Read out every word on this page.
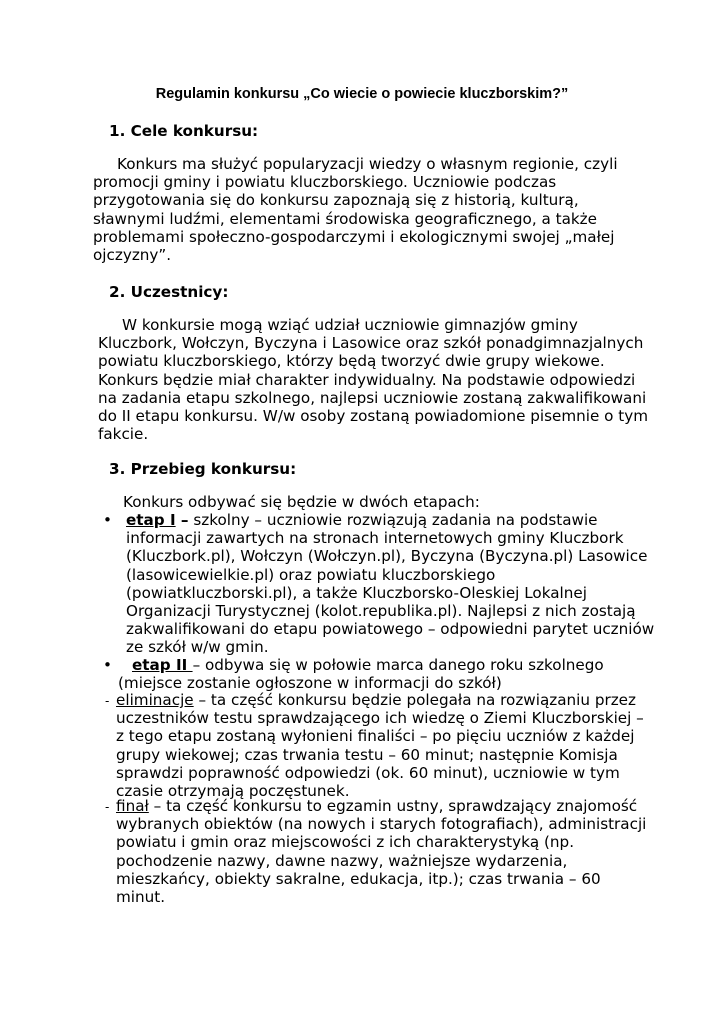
Regulamin konkursu „Co wiecie o powiecie kluczborskim?”
1. Cele konkursu:
Konkurs ma służyć popularyzacji wiedzy o własnym regionie, czyli
promocji gminy i powiatu kluczborskiego. Uczniowie podczas
przygotowania się do konkursu zapoznają się z historią, kulturą,
sławnymi ludźmi, elementami środowiska geograficznego, a także
problemami społeczno-gospodarczymi i ekologicznymi swojej „małej
ojczyzny”.
2. Uczestnicy:
W konkursie mogą wziąć udział uczniowie gimnazjów gminy
Kluczbork, Wołczyn, Byczyna i Lasowice oraz szkół ponadgimnazjalnych
powiatu kluczborskiego, którzy będą tworzyć dwie grupy wiekowe.
Konkurs będzie miał charakter indywidualny. Na podstawie odpowiedzi
na zadania etapu szkolnego, najlepsi uczniowie zostaną zakwalifikowani
do II etapu konkursu. W/w osoby zostaną powiadomione pisemnie o tym
fakcie.
3. Przebieg konkursu:
Konkurs odbywać się będzie w dwóch etapach:
• etap I – szkolny – uczniowie rozwiązują zadania na podstawie
informacji zawartych na stronach internetowych gminy Kluczbork
(Kluczbork.pl), Wołczyn (Wołczyn.pl), Byczyna (Byczyna.pl) Lasowice
(lasowicewielkie.pl) oraz powiatu kluczborskiego
(powiatkluczborski.pl), a także Kluczborsko-Oleskiej Lokalnej
Organizacji Turystycznej (kolot.republika.pl). Najlepsi z nich zostają
zakwalifikowani do etapu powiatowego – odpowiedni parytet uczniów
ze szkół w/w gmin.
•	etap II – odbywa się w połowie marca danego roku szkolnego
(miejsce zostanie ogłoszone w informacji do szkół)
- eliminacje – ta część konkursu będzie polegała na rozwiązaniu przez
uczestników testu sprawdzającego ich wiedzę o Ziemi Kluczborskiej –
z tego etapu zostaną wyłonieni finaliści – po pięciu uczniów z każdej
grupy wiekowej; czas trwania testu – 60 minut; następnie Komisja
sprawdzi poprawność odpowiedzi (ok. 60 minut), uczniowie w tym
czasie otrzymają poczęstunek.
- finał – ta część konkursu to egzamin ustny, sprawdzający znajomość
wybranych obiektów (na nowych i starych fotografiach), administracji
powiatu i gmin oraz miejscowości z ich charakterystyką (np.
pochodzenie nazwy, dawne nazwy, ważniejsze wydarzenia,
mieszkańcy, obiekty sakralne, edukacja, itp.); czas trwania – 60
minut.
